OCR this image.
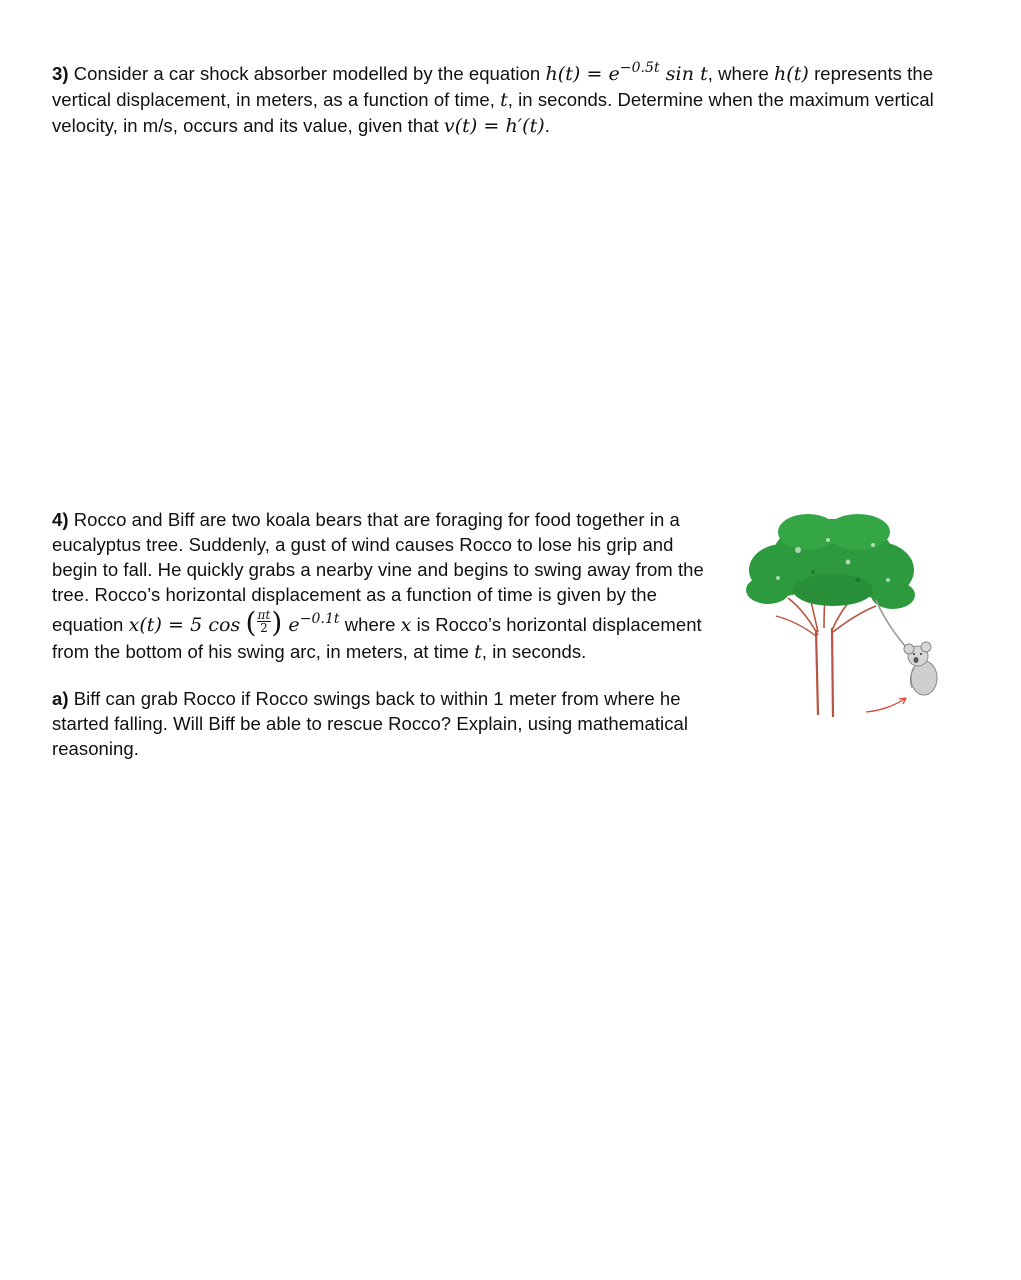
3) Consider a car shock absorber modelled by the equation $h(t) = e^{-0.5t}$ sin t, where h(t) represents the vertical displacement, in meters, as a function of time, t, in seconds. Determine when the maximum vertical velocity, in m/s, occurs and its value, given that v(t) = h′(t).
4) Rocco and Biff are two koala bears that are foraging for food together in a eucalyptus tree. Suddenly, a gust of wind causes Rocco to lose his grip and begin to fall. He quickly grabs a nearby vine and begins to swing away from the tree. Rocco’s horizontal displacement as a function of time is given by the equation x(t) = 5 cos ( $\frac{\pi t}{2}$ ) $e^{-0.1t}$ where x is Rocco’s horizontal displacement from the bottom of his swing arc, in meters, at time t, in seconds.
a) Biff can grab Rocco if Rocco swings back to within 1 meter from where he started falling. Will Biff be able to rescue Rocco? Explain, using mathematical reasoning.
